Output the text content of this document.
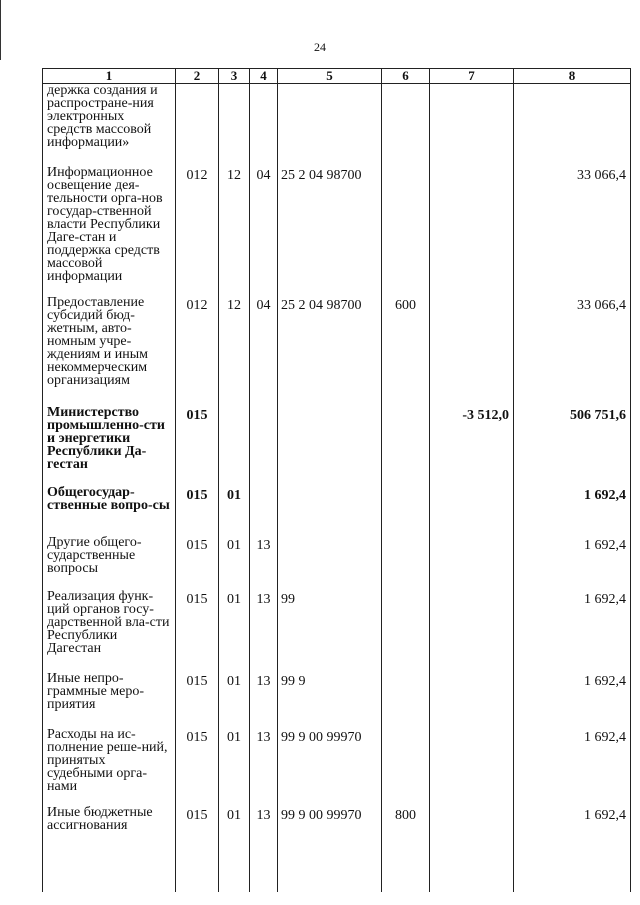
24
1	2	3	4	5	6	7	8
держка создания и распростране-ния электронных средств массовой информации»							
Информационное освещение дея-тельности орга-нов государ-ственной власти Республики Даге-стан и поддержка средств массовой информации	012	12	04	25 2 04 98700			33 066,4
Предоставление субсидий бюд-жетным, авто-номным учре-ждениям и иным некоммерческим организациям	012	12	04	25 2 04 98700	600		33 066,4
Министерство промышленно-сти и энергетики Республики Да-гестан	015					-3 512,0	506 751,6
Общегосудар-ственные вопро-сы	015	01					1 692,4
Другие общего-сударственные вопросы	015	01	13				1 692,4
Реализация функ-ций органов госу-дарственной вла-сти Республики Дагестан	015	01	13	99			1 692,4
Иные непро-граммные меро-приятия	015	01	13	99 9			1 692,4
Расходы на ис-полнение реше-ний, принятых судебными орга-нами	015	01	13	99 9 00 99970			1 692,4
Иные бюджетные ассигнования	015	01	13	99 9 00 99970	800		1 692,4
